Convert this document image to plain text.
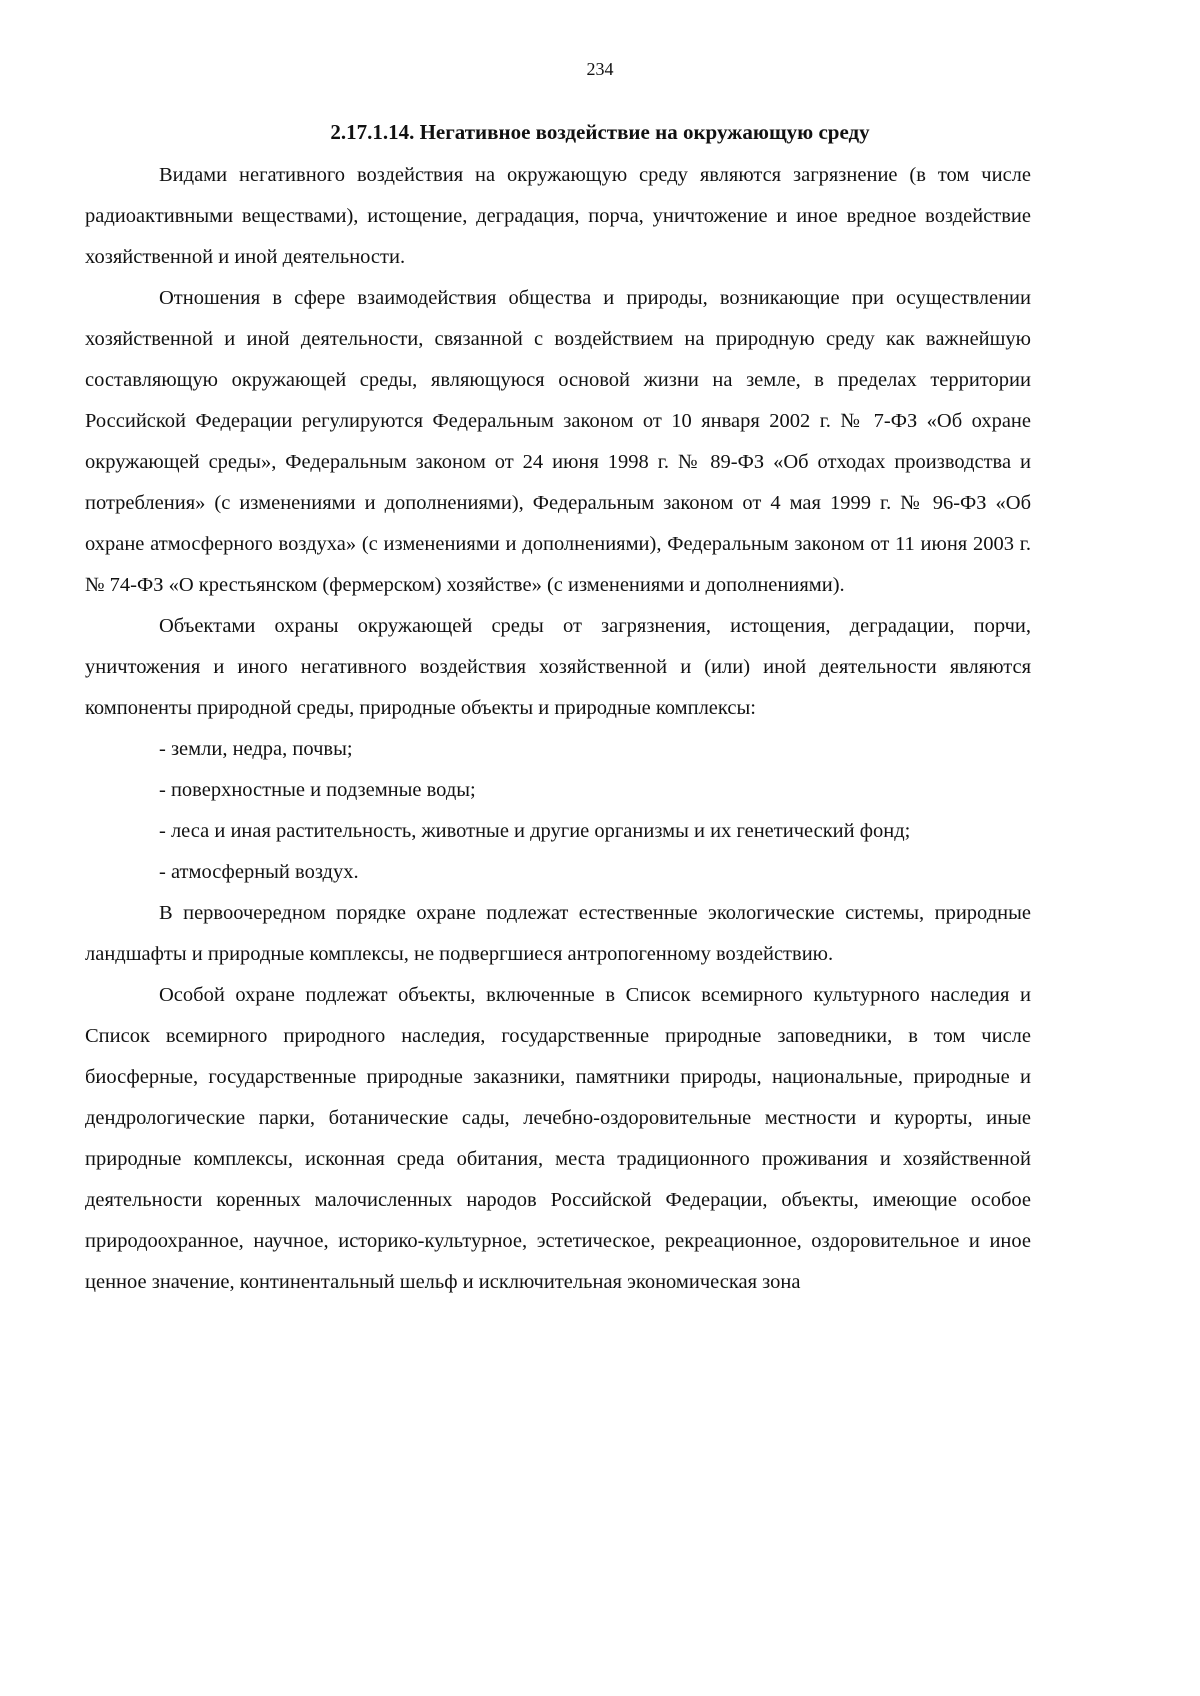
234
2.17.1.14. Негативное воздействие на окружающую среду

Видами негативного воздействия на окружающую среду являются загрязнение (в том числе радиоактивными веществами), истощение, деградация, порча, уничтожение и иное вредное воздействие хозяйственной и иной деятельности.

Отношения в сфере взаимодействия общества и природы, возникающие при осуществлении хозяйственной и иной деятельности, связанной с воздействием на природную среду как важнейшую составляющую окружающей среды, являющуюся основой жизни на земле, в пределах территории Российской Федерации регулируются Федеральным законом от 10 января 2002 г. № 7-ФЗ «Об охране окружающей среды», Федеральным законом от 24 июня 1998 г. № 89-ФЗ «Об отходах производства и потребления» (с изменениями и дополнениями), Федеральным законом от 4 мая 1999 г. № 96-ФЗ «Об охране атмосферного воздуха» (с изменениями и дополнениями), Федеральным законом от 11 июня 2003 г. № 74-ФЗ «О крестьянском (фермерском) хозяйстве» (с изменениями и дополнениями).

Объектами охраны окружающей среды от загрязнения, истощения, деградации, порчи, уничтожения и иного негативного воздействия хозяйственной и (или) иной деятельности являются компоненты природной среды, природные объекты и природные комплексы:

- земли, недра, почвы;

- поверхностные и подземные воды;

- леса и иная растительность, животные и другие организмы и их генетический фонд;

- атмосферный воздух.

В первоочередном порядке охране подлежат естественные экологические системы, природные ландшафты и природные комплексы, не подвергшиеся антропогенному воздействию.

Особой охране подлежат объекты, включенные в Список всемирного культурного наследия и Список всемирного природного наследия, государственные природные заповедники, в том числе биосферные, государственные природные заказники, памятники природы, национальные, природные и дендрологические парки, ботанические сады, лечебно-оздоровительные местности и курорты, иные природные комплексы, исконная среда обитания, места традиционного проживания и хозяйственной деятельности коренных малочисленных народов Российской Федерации, объекты, имеющие особое природоохранное, научное, историко-культурное, эстетическое, рекреационное, оздоровительное и иное ценное значение, континентальный шельф и исключительная экономическая зона
